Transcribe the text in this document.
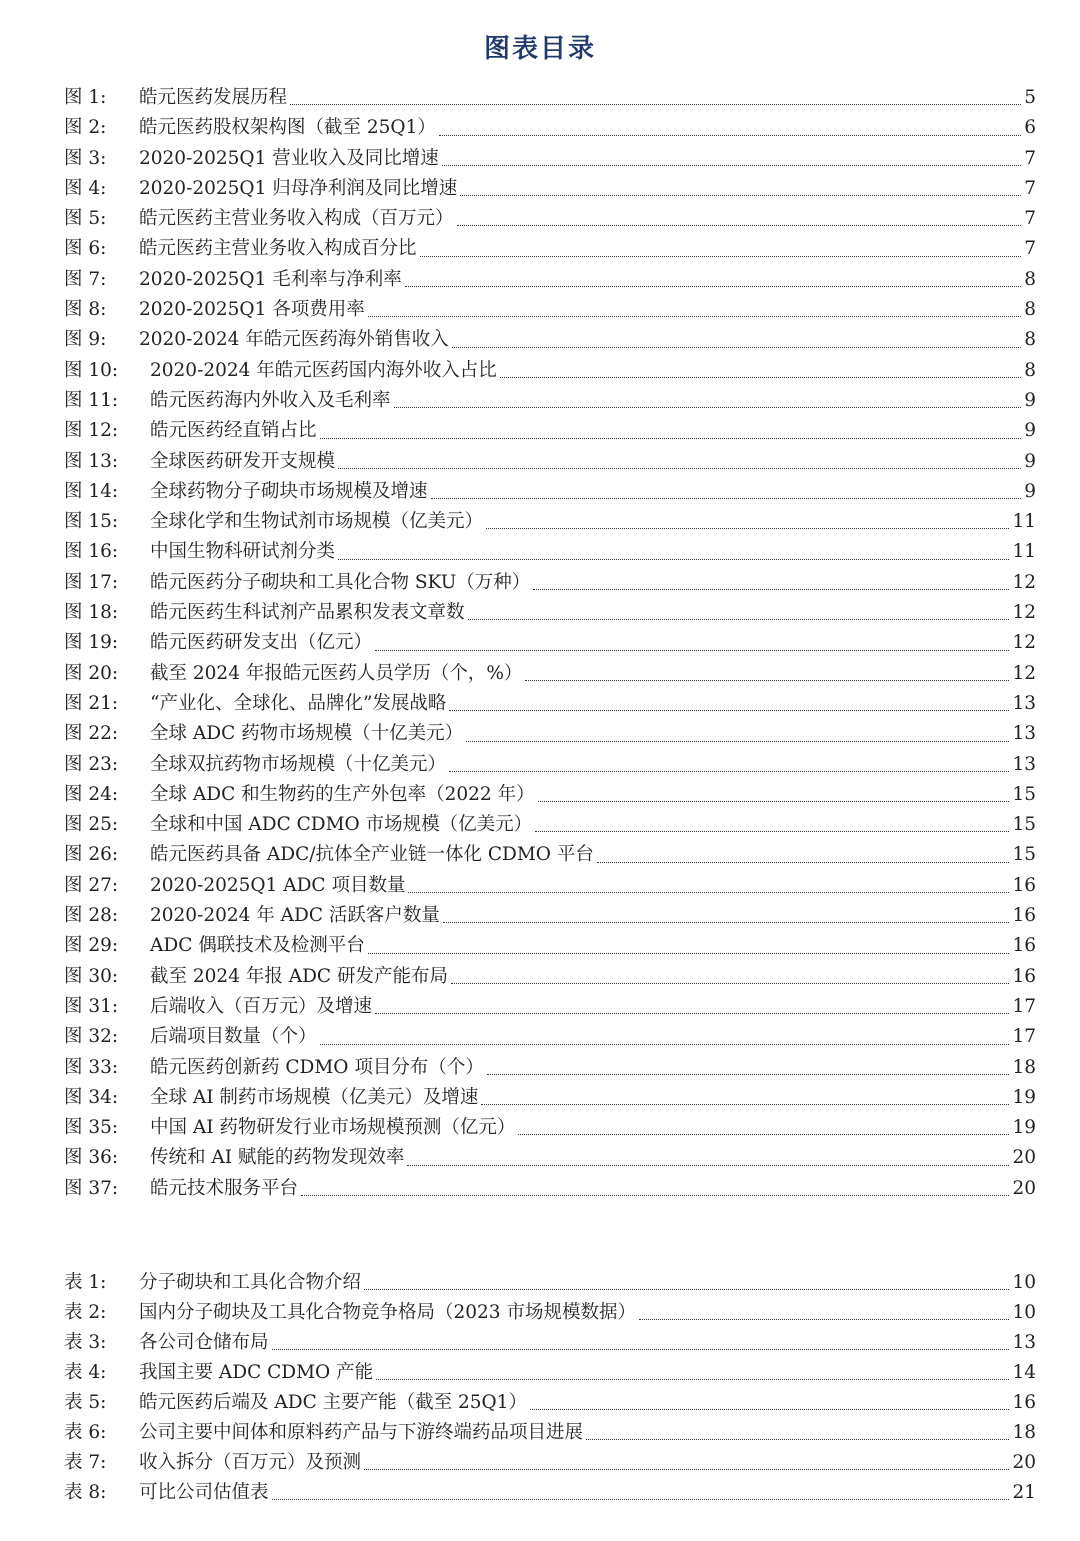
图表目录
图 1:	皓元医药发展历程	5
图 2:	皓元医药股权架构图（截至 25Q1）	6
图 3:	2020-2025Q1 营业收入及同比增速	7
图 4:	2020-2025Q1 归母净利润及同比增速	7
图 5:	皓元医药主营业务收入构成（百万元）	7
图 6:	皓元医药主营业务收入构成百分比	7
图 7:	2020-2025Q1 毛利率与净利率	8
图 8:	2020-2025Q1 各项费用率	8
图 9:	2020-2024 年皓元医药海外销售收入	8
图 10:	2020-2024 年皓元医药国内海外收入占比	8
图 11:	皓元医药海内外收入及毛利率	9
图 12:	皓元医药经直销占比	9
图 13:	全球医药研发开支规模	9
图 14:	全球药物分子砌块市场规模及增速	9
图 15:	全球化学和生物试剂市场规模（亿美元）	11
图 16:	中国生物科研试剂分类	11
图 17:	皓元医药分子砌块和工具化合物 SKU（万种）	12
图 18:	皓元医药生科试剂产品累积发表文章数	12
图 19:	皓元医药研发支出（亿元）	12
图 20:	截至 2024 年报皓元医药人员学历（个，%）	12
图 21:	“产业化、全球化、品牌化”发展战略	13
图 22:	全球 ADC 药物市场规模（十亿美元）	13
图 23:	全球双抗药物市场规模（十亿美元）	13
图 24:	全球 ADC 和生物药的生产外包率（2022 年）	15
图 25:	全球和中国 ADC CDMO 市场规模（亿美元）	15
图 26:	皓元医药具备 ADC/抗体全产业链一体化 CDMO 平台	15
图 27:	2020-2025Q1 ADC 项目数量	16
图 28:	2020-2024 年 ADC 活跃客户数量	16
图 29:	ADC 偶联技术及检测平台	16
图 30:	截至 2024 年报 ADC 研发产能布局	16
图 31:	后端收入（百万元）及增速	17
图 32:	后端项目数量（个）	17
图 33:	皓元医药创新药 CDMO 项目分布（个）	18
图 34:	全球 AI 制药市场规模（亿美元）及增速	19
图 35:	中国 AI 药物研发行业市场规模预测（亿元）	19
图 36:	传统和 AI 赋能的药物发现效率	20
图 37:	皓元技术服务平台	20
表 1:	分子砌块和工具化合物介绍	10
表 2:	国内分子砌块及工具化合物竞争格局（2023 市场规模数据）	10
表 3:	各公司仓储布局	13
表 4:	我国主要 ADC CDMO 产能	14
表 5:	皓元医药后端及 ADC 主要产能（截至 25Q1）	16
表 6:	公司主要中间体和原料药产品与下游终端药品项目进展	18
表 7:	收入拆分（百万元）及预测	20
表 8:	可比公司估值表	21
